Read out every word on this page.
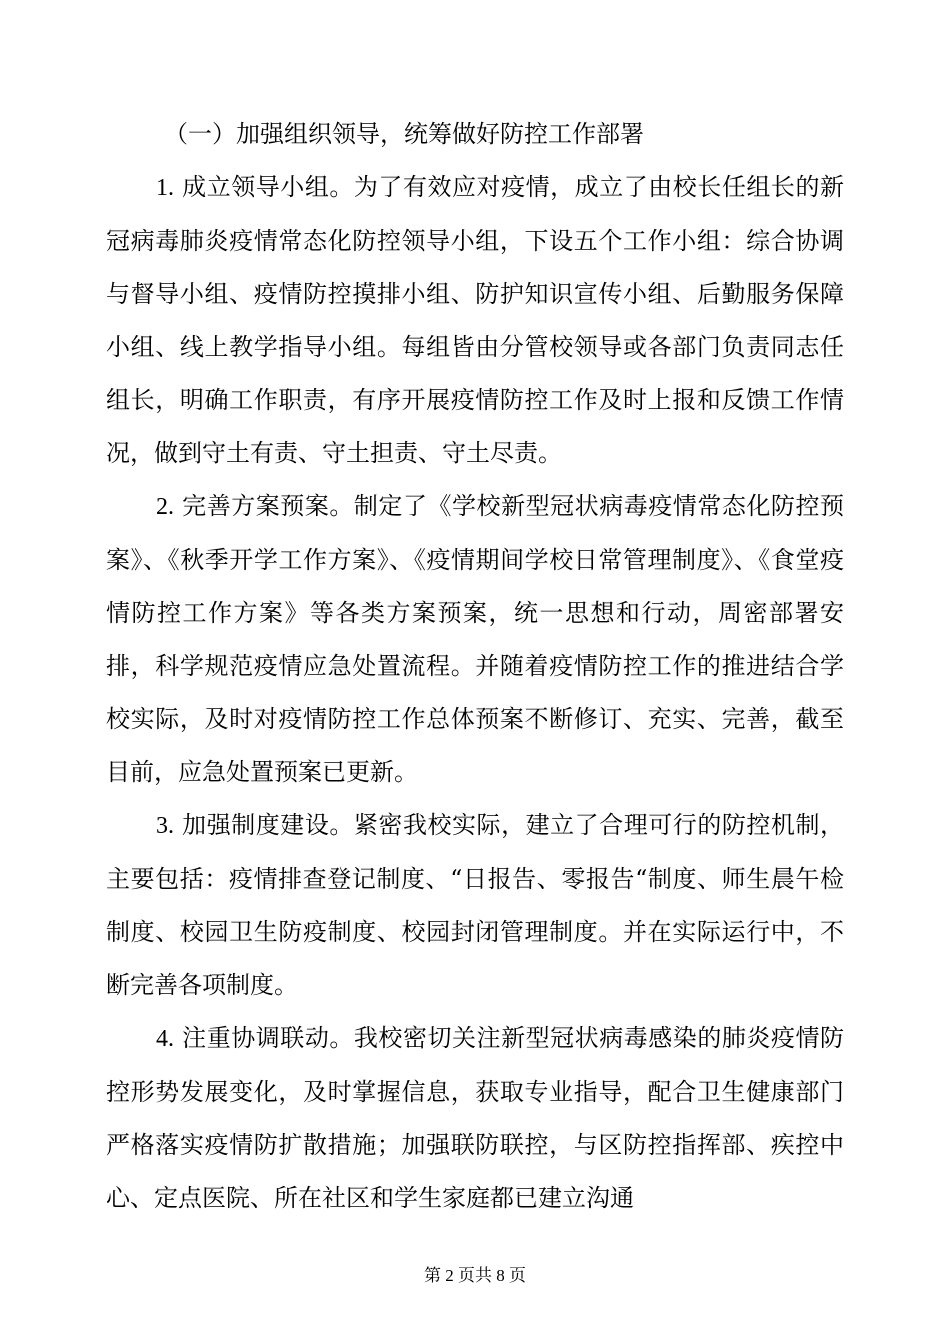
（一）加强组织领导，统筹做好防控工作部署

1. 成立领导小组。为了有效应对疫情，成立了由校长任组长的新冠病毒肺炎疫情常态化防控领导小组，下设五个工作小组：综合协调与督导小组、疫情防控摸排小组、防护知识宣传小组、后勤服务保障小组、线上教学指导小组。每组皆由分管校领导或各部门负责同志任组长，明确工作职责，有序开展疫情防控工作及时上报和反馈工作情况，做到守土有责、守土担责、守土尽责。

2. 完善方案预案。制定了《学校新型冠状病毒疫情常态化防控预案》、《秋季开学工作方案》、《疫情期间学校日常管理制度》、《食堂疫情防控工作方案》等各类方案预案，统一思想和行动，周密部署安排，科学规范疫情应急处置流程。并随着疫情防控工作的推进结合学校实际，及时对疫情防控工作总体预案不断修订、充实、完善，截至目前，应急处置预案已更新。

3. 加强制度建设。紧密我校实际，建立了合理可行的防控机制，主要包括：疫情排查登记制度、“日报告、零报告“制度、师生晨午检制度、校园卫生防疫制度、校园封闭管理制度。并在实际运行中，不断完善各项制度。

4. 注重协调联动。我校密切关注新型冠状病毒感染的肺炎疫情防控形势发展变化，及时掌握信息，获取专业指导，配合卫生健康部门严格落实疫情防扩散措施；加强联防联控，与区防控指挥部、疾控中心、定点医院、所在社区和学生家庭都已建立沟通

第 2 页共 8 页
